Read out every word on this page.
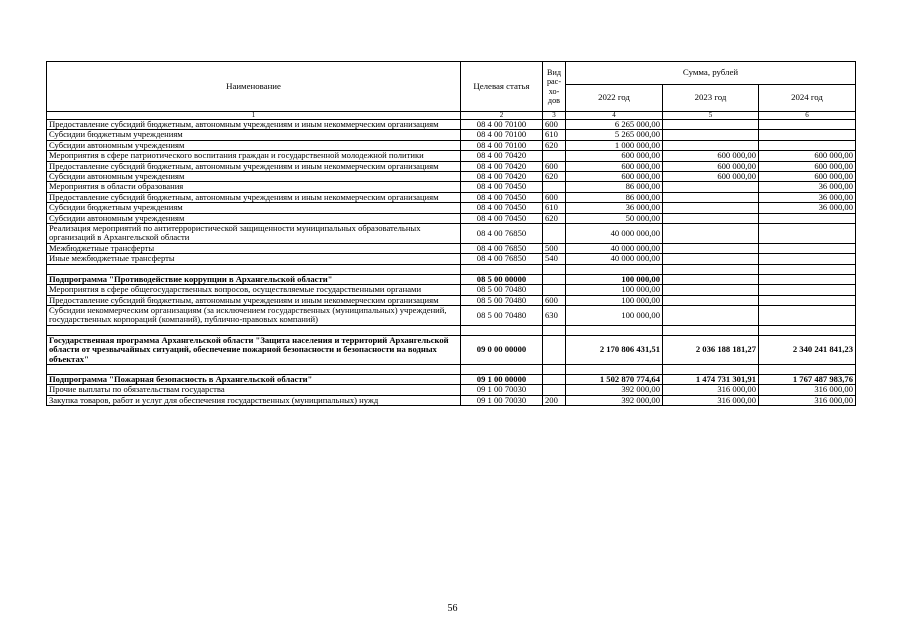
Наименование	Целевая статья	Вид
рас-
хо-
дов	Сумма, рублей		
			2022 год	2023 год	2024 год
1	2	3	4	5	6
Предоставление субсидий бюджетным, автономным учреждениям и иным некоммерческим организациям	08 4 00 70100	600	6 265 000,00		
Субсидии бюджетным учреждениям	08 4 00 70100	610	5 265 000,00		
Субсидии автономным учреждениям	08 4 00 70100	620	1 000 000,00		
Мероприятия в сфере патриотического воспитания граждан и государственной молодежной политики	08 4 00 70420		600 000,00	600 000,00	600 000,00
Предоставление субсидий бюджетным, автономным учреждениям и иным некоммерческим организациям	08 4 00 70420	600	600 000,00	600 000,00	600 000,00
Субсидии автономным учреждениям	08 4 00 70420	620	600 000,00	600 000,00	600 000,00
Мероприятия в области образования	08 4 00 70450		86 000,00		36 000,00
Предоставление субсидий бюджетным, автономным учреждениям и иным некоммерческим организациям	08 4 00 70450	600	86 000,00		36 000,00
Субсидии бюджетным учреждениям	08 4 00 70450	610	36 000,00		36 000,00
Субсидии автономным учреждениям	08 4 00 70450	620	50 000,00		
Реализация мероприятий по антитеррористической защищенности муниципальных образовательных организаций в Архангельской области	08 4 00 76850		40 000 000,00		
Межбюджетные трансферты	08 4 00 76850	500	40 000 000,00		
Иные межбюджетные трансферты	08 4 00 76850	540	40 000 000,00		

Подпрограмма "Противодействие коррупции в Архангельской области"	08 5 00 00000		100 000,00		
Мероприятия в сфере общегосударственных вопросов, осуществляемые государственными органами	08 5 00 70480		100 000,00		
Предоставление субсидий бюджетным, автономным учреждениям и иным некоммерческим организациям	08 5 00 70480	600	100 000,00		
Субсидии некоммерческим организациям (за исключением государственных (муниципальных) учреждений, государственных корпораций (компаний), публично-правовых компаний)	08 5 00 70480	630	100 000,00		

Государственная программа Архангельской области "Защита населения и территорий Архангельской области от чрезвычайных ситуаций, обеспечение пожарной безопасности и безопасности на водных объектах"	09 0 00 00000		2 170 806 431,51	2 036 188 181,27	2 340 241 841,23

Подпрограмма "Пожарная безопасность в Архангельской области"	09 1 00 00000		1 502 870 774,64	1 474 731 301,91	1 767 487 983,76
Прочие выплаты по обязательствам государства	09 1 00 70030		392 000,00	316 000,00	316 000,00
Закупка товаров, работ и услуг для обеспечения государственных (муниципальных) нужд	09 1 00 70030	200	392 000,00	316 000,00	316 000,00
56
